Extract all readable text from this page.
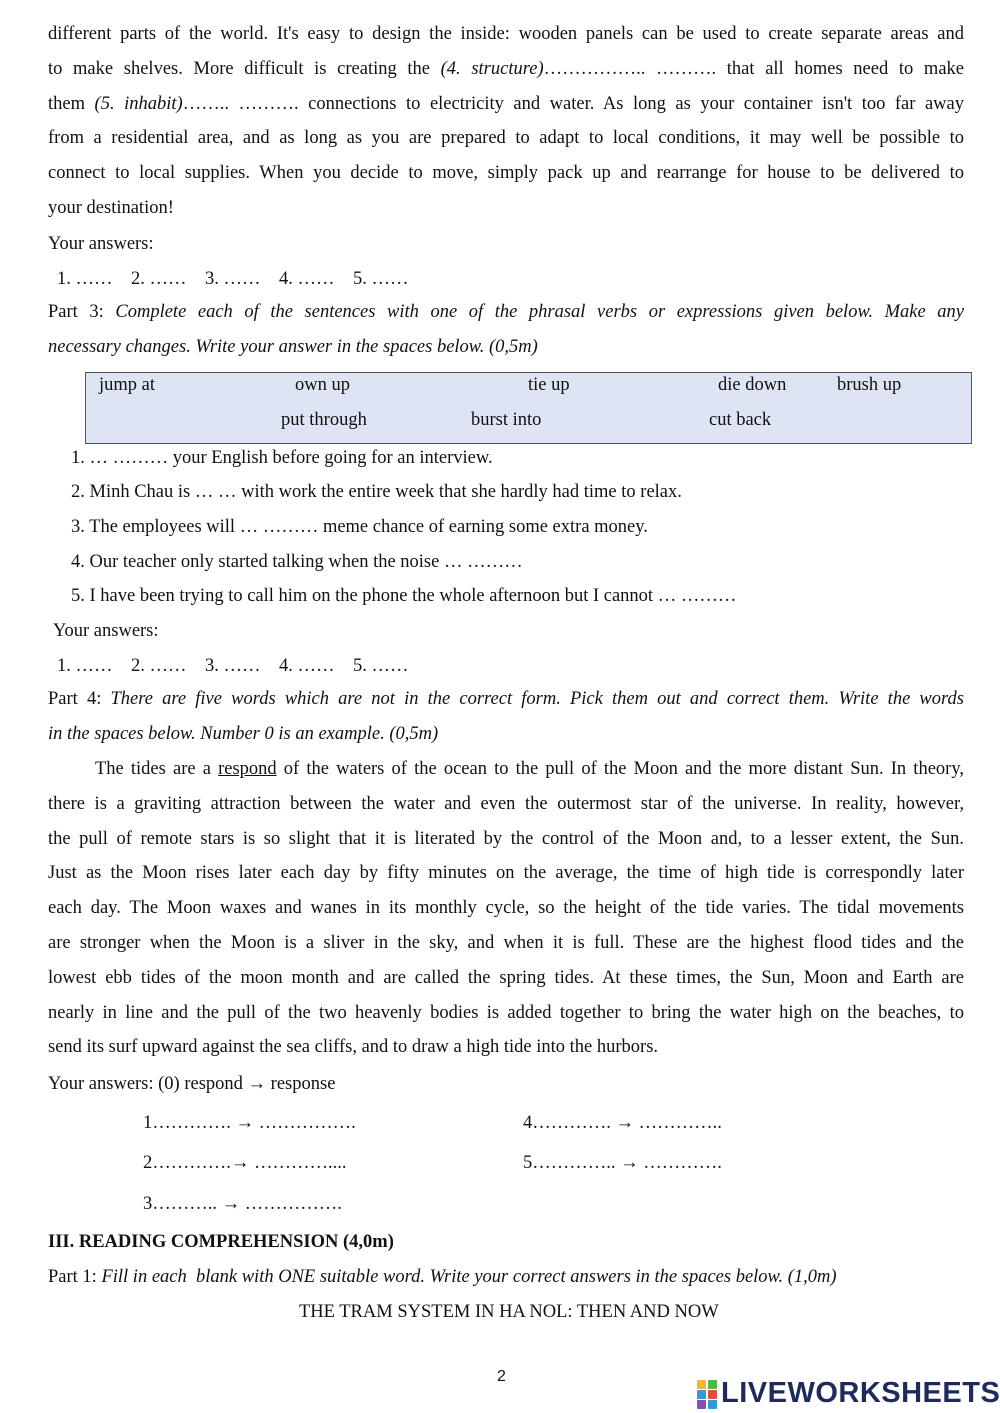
different parts of the world. It's easy to design the inside: wooden panels can be used to create separate areas and
to make shelves. More difficult is creating the (4. structure)…………….. ………. that all homes need to make
them (5. inhabit)…….. ………. connections to electricity and water. As long as your container isn't too far away
from a residential area, and as long as you are prepared to adapt to local conditions, it may well be possible to
connect to local supplies. When you decide to move, simply pack up and rearrange for house to be delivered to
your destination!
Your answers:
1. ……    2. ……    3. ……    4. ……    5. ……
Part 3: Complete each of the sentences with one of the phrasal verbs or expressions given below. Make any
necessary changes. Write your answer in the spaces below. (0,5m)
jump at	own up	tie up	die down	brush up
put through	burst into	cut back
1. … ……… your English before going for an interview.
2. Minh Chau is … … with work the entire week that she hardly had time to relax.
3. The employees will … ……… meme chance of earning some extra money.
4. Our teacher only started talking when the noise … ………
5. I have been trying to call him on the phone the whole afternoon but I cannot … ………
Your answers:
1. ……    2. ……    3. ……    4. ……    5. ……
Part 4: There are five words which are not in the correct form. Pick them out and correct them. Write the words
in the spaces below. Number 0 is an example. (0,5m)
The tides are a respond of the waters of the ocean to the pull of the Moon and the more distant Sun. In theory,
there is a graviting attraction between the water and even the outermost star of the universe. In reality, however,
the pull of remote stars is so slight that it is literated by the control of the Moon and, to a lesser extent, the Sun.
Just as the Moon rises later each day by fifty minutes on the average, the time of high tide is correspondly later
each day. The Moon waxes and wanes in its monthly cycle, so the height of the tide varies. The tidal movements
are stronger when the Moon is a sliver in the sky, and when it is full. These are the highest flood tides and the
lowest ebb tides of the moon month and are called the spring tides. At these times, the Sun, Moon and Earth are
nearly in line and the pull of the two heavenly bodies is added together to bring the water high on the beaches, to
send its surf upward against the sea cliffs, and to draw a high tide into the hurbors.
Your answers: (0) respond → response
1…………. → …………….
2………….→ …………....
3……….. → …………….
4…………. → …………..
5………….. → ………….
III. READING COMPREHENSION (4,0m)
Part 1: Fill in each  blank with ONE suitable word. Write your correct answers in the spaces below. (1,0m)
THE TRAM SYSTEM IN HA NOL: THEN AND NOW
2	LIVEWORKSHEETS
